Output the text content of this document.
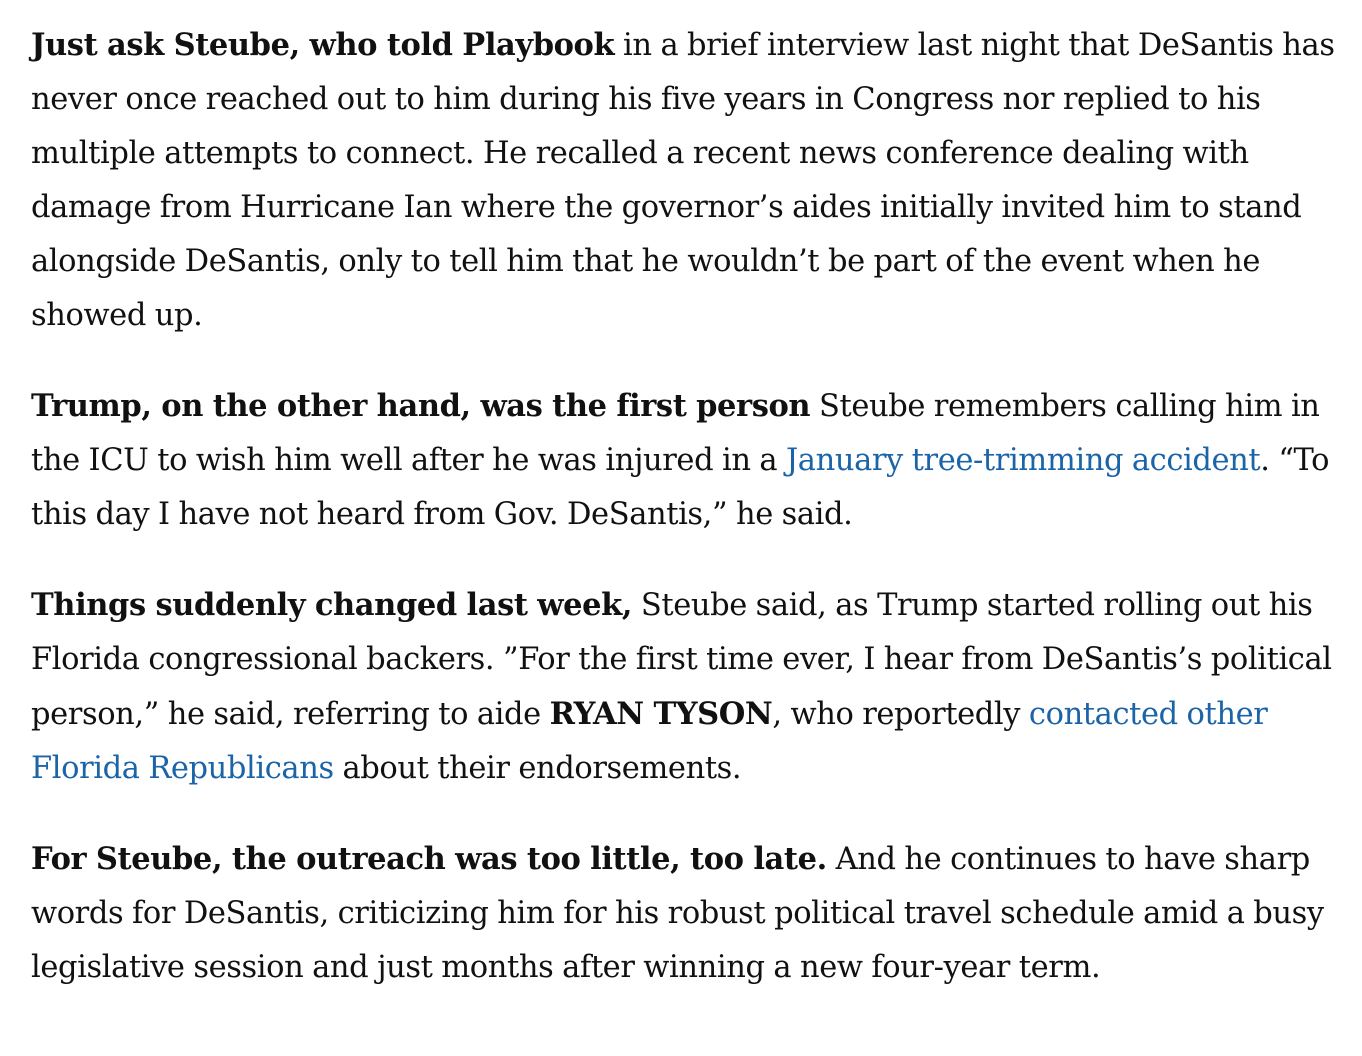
Just ask Steube, who told Playbook in a brief interview last night that DeSantis has never once reached out to him during his five years in Congress nor replied to his multiple attempts to connect. He recalled a recent news conference dealing with damage from Hurricane Ian where the governor’s aides initially invited him to stand alongside DeSantis, only to tell him that he wouldn’t be part of the event when he showed up.

Trump, on the other hand, was the first person Steube remembers calling him in the ICU to wish him well after he was injured in a January tree-trimming accident. “To this day I have not heard from Gov. DeSantis,” he said.

Things suddenly changed last week, Steube said, as Trump started rolling out his Florida congressional backers. ”For the first time ever, I hear from DeSantis’s political person,” he said, referring to aide RYAN TYSON, who reportedly contacted other Florida Republicans about their endorsements.

For Steube, the outreach was too little, too late. And he continues to have sharp words for DeSantis, criticizing him for his robust political travel schedule amid a busy legislative session and just months after winning a new four-year term.
